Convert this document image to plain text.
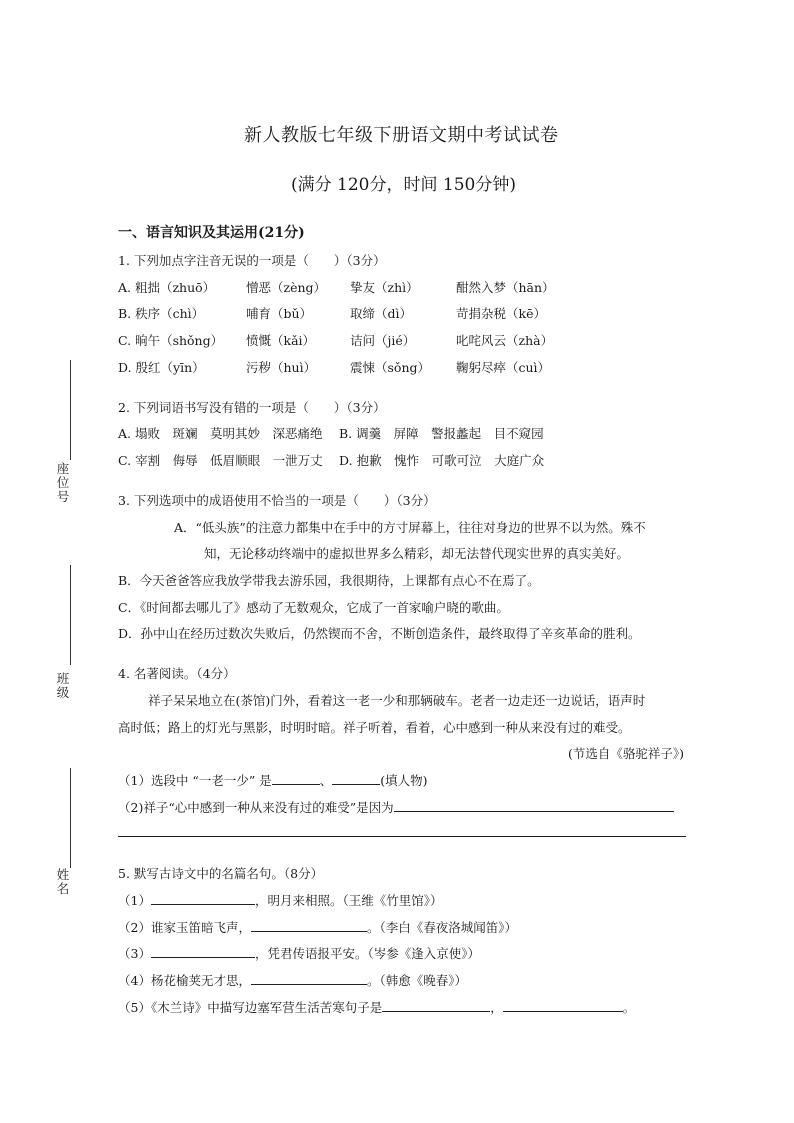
座位号
班级
姓名
新人教版七年级下册语文期中考试试卷
(满分 120分，时间 150分钟)
一、语言知识及其运用(21分)
1. 下列加点字注音无误的一项是（　　）（3分）
A. 粗拙（zhuō） 憎恶（zèng） 挚友（zhì）	酣然入梦（hān）
B. 秩序（chì）	哺育（bǔ）	取缔（dì）	苛捐杂税（kē）
C. 晌午（shǒng） 愤慨（kǎi）	诘问（jié）	叱咤风云（zhà）
D. 殷红（yīn）	污秽（huì）	震悚（sǒng） 鞠躬尽瘁（cuì）
2. 下列词语书写没有错的一项是（　　）（3分）
A. 塌败　斑斓　莫明其妙　深恶痛绝　 B. 调羹　屏障　警报蠡起　目不窥园
C. 宰割　侮辱　低眉顺眼　一泄万丈　 D. 抱歉　愧怍　可歌可泣　大庭广众
3. 下列选项中的成语使用不恰当的一项是（　　）（3分）
A．“低头族”的注意力都集中在手中的方寸屏幕上，往往对身边的世界不以为然。殊不
知，无论移动终端中的虚拟世界多么精彩，却无法替代现实世界的真实美好。
B．今天爸爸答应我放学带我去游乐园，我很期待，上课都有点心不在焉了。
C．《时间都去哪儿了》感动了无数观众，它成了一首家喻户晓的歌曲。
D．孙中山在经历过数次失败后，仍然锲而不舍，不断创造条件，最终取得了辛亥革命的胜利。
4. 名著阅读。（4分）
祥子呆呆地立在(茶馆)门外，看着这一老一少和那辆破车。老者一边走还一边说话，语声时
高时低；路上的灯光与黑影，时明时暗。祥子听着，看着，心中感到一种从来没有过的难受。
(节选自《骆驼祥子》)
（1）选段中 “一老一少” 是	、	(填人物)
（2)祥子“心中感到一种从来没有过的难受”是因为
5. 默写古诗文中的名篇名句。（8分）
（1）	，明月来相照。（王维《竹里馆》）
（2）谁家玉笛暗飞声，	。（李白《春夜洛城闻笛》）
（3）	，凭君传语报平安。（岑参《逢入京使》）
（4）杨花榆荚无才思，	。（韩愈《晚春》）
（5）《木兰诗》中描写边塞军营生活苦寒句子是	，	。
